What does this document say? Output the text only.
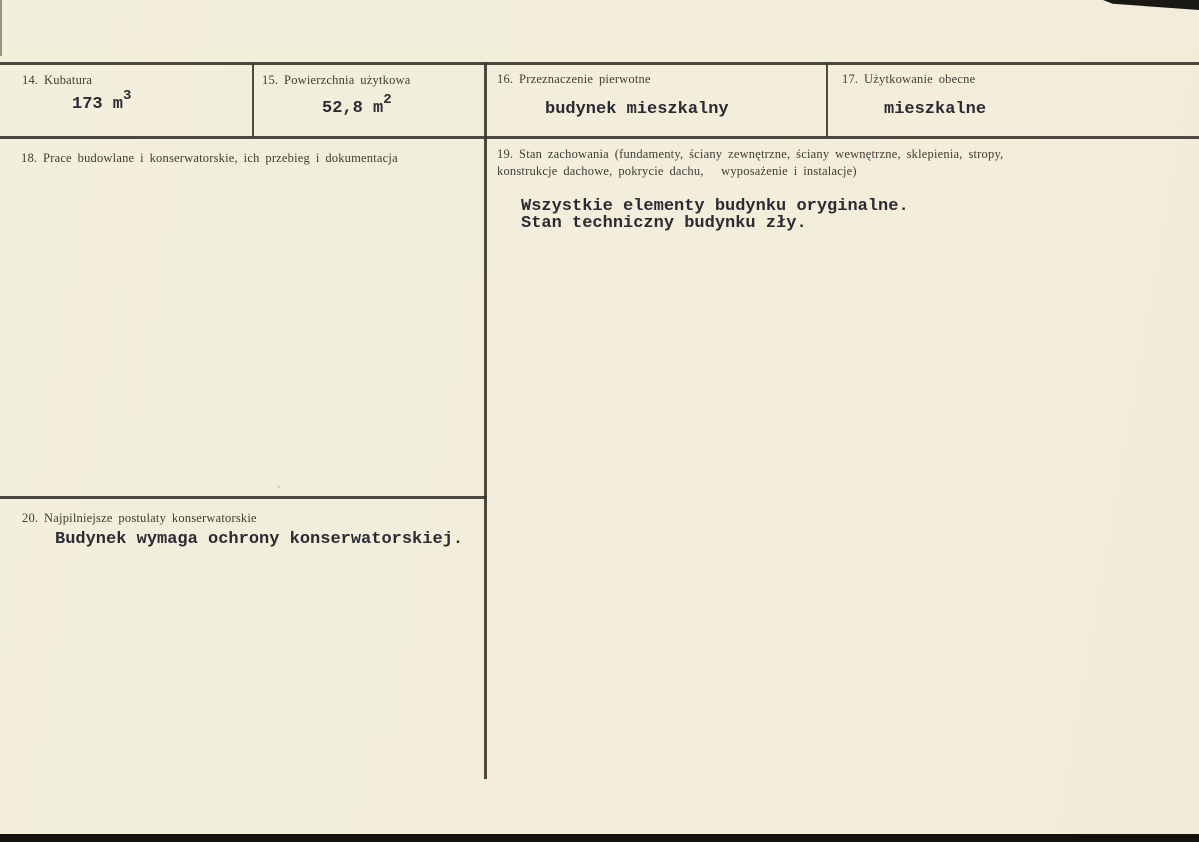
14. Kubatura
173 $m^3$
15. Powierzchnia użytkowa
52,8 $m^2$
16. Przeznaczenie pierwotne
budynek mieszkalny
17. Użytkowanie obecne
mieszkalne
18. Prace budowlane i konserwatorskie, ich przebieg i dokumentacja	19. Stan zachowania (fundamenty, ściany zewnętrzne, ściany wewnętrzne, sklepienia, stropy,
konstrukcje dachowe, pokrycie dachu,   wyposażenie i instalacje)
Wszystkie elementy budynku oryginalne.
Stan techniczny budynku zły.
20. Najpilniejsze postulaty konserwatorskie
Budynek wymaga ochrony konserwatorskiej.
’
